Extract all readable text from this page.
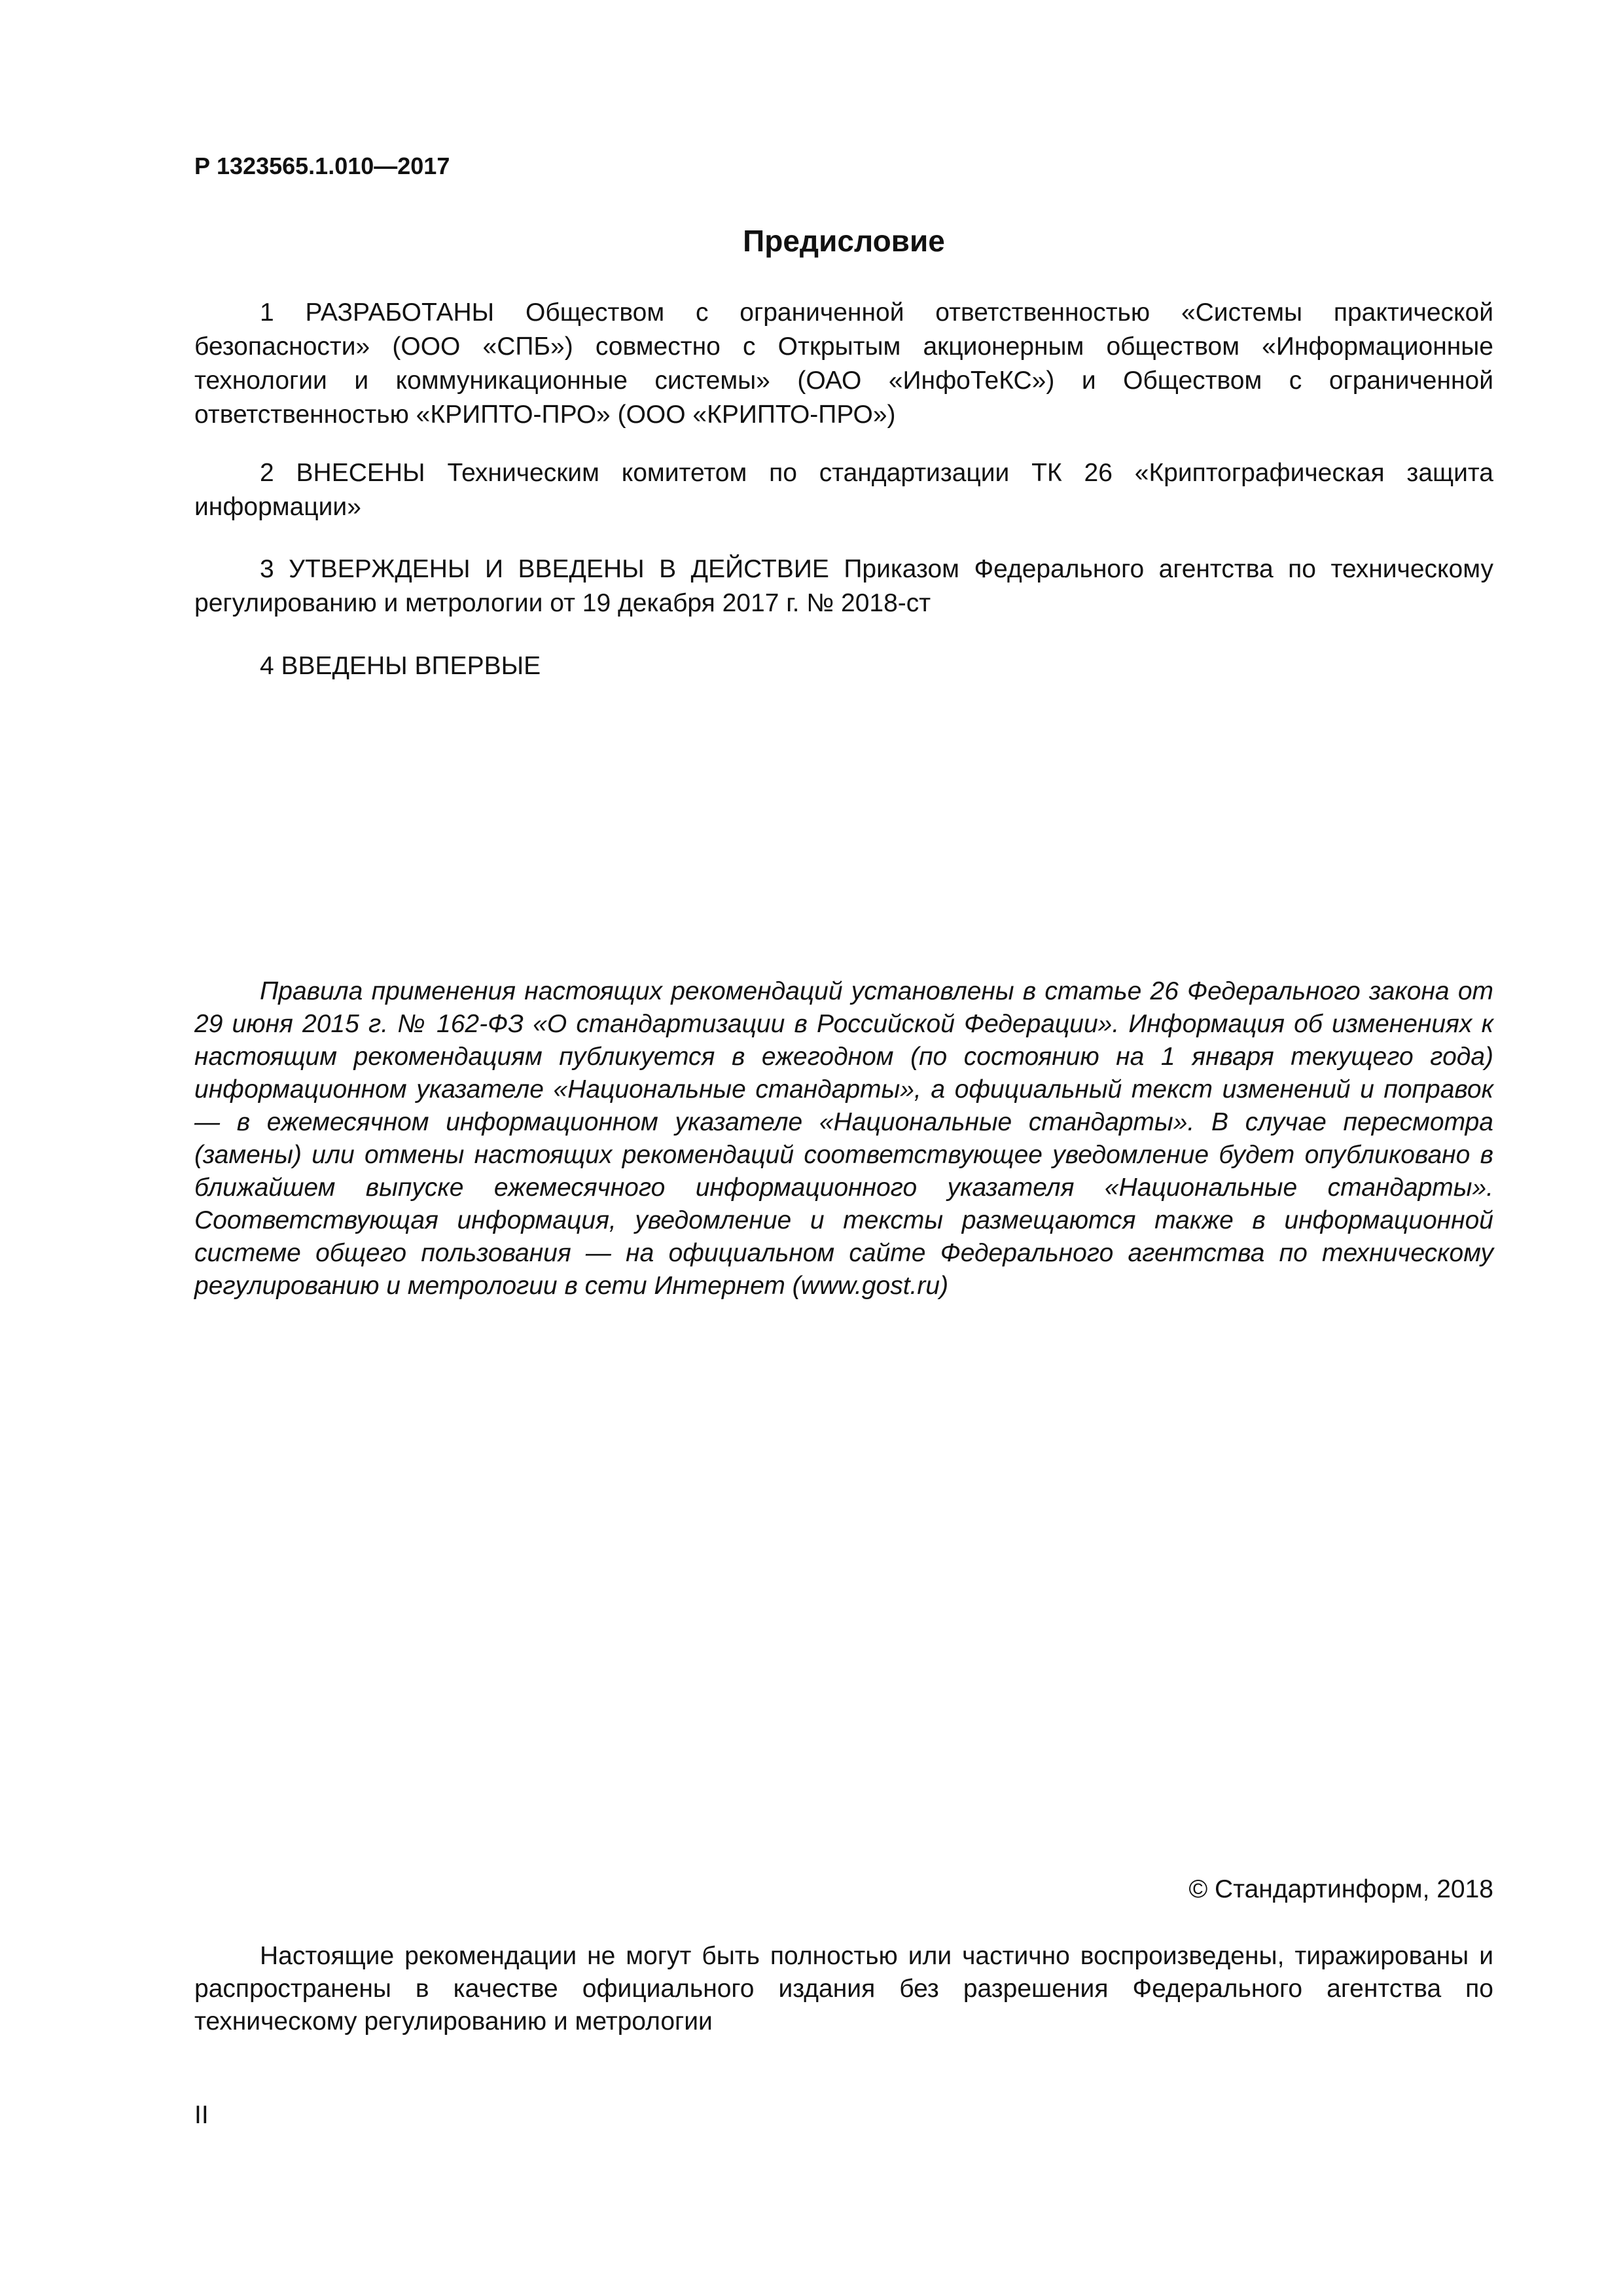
Р 1323565.1.010—2017
Предисловие

1 РАЗРАБОТАНЫ Обществом с ограниченной ответственностью «Системы практической безопасности» (ООО «СПБ») совместно с Открытым акционерным обществом «Информационные технологии и коммуникационные системы» (ОАО «ИнфоТеКС») и Обществом с ограниченной ответственностью «КРИПТО-ПРО» (ООО «КРИПТО-ПРО»)

2 ВНЕСЕНЫ Техническим комитетом по стандартизации ТК 26 «Криптографическая защита информации»

3 УТВЕРЖДЕНЫ И ВВЕДЕНЫ В ДЕЙСТВИЕ Приказом Федерального агентства по техническому регулированию и метрологии от 19 декабря 2017 г. № 2018-ст

4 ВВЕДЕНЫ ВПЕРВЫЕ

Правила применения настоящих рекомендаций установлены в статье 26 Федерального закона от 29 июня 2015 г. № 162-ФЗ «О стандартизации в Российской Федерации». Информация об изменениях к настоящим рекомендациям публикуется в ежегодном (по состоянию на 1 января текущего года) информационном указателе «Национальные стандарты», а официальный текст изменений и поправок — в ежемесячном информационном указателе «Национальные стандарты». В случае пересмотра (замены) или отмены настоящих рекомендаций соответствующее уведомление будет опубликовано в ближайшем выпуске ежемесячного информационного указателя «Национальные стандарты». Соответствующая информация, уведомление и тексты размещаются также в информационной системе общего пользования — на официальном сайте Федерального агентства по техническому регулированию и метрологии в сети Интернет (www.gost.ru)

© Стандартинформ, 2018

Настоящие рекомендации не могут быть полностью или частично воспроизведены, тиражированы и распространены в качестве официального издания без разрешения Федерального агентства по техническому регулированию и метрологии

II
